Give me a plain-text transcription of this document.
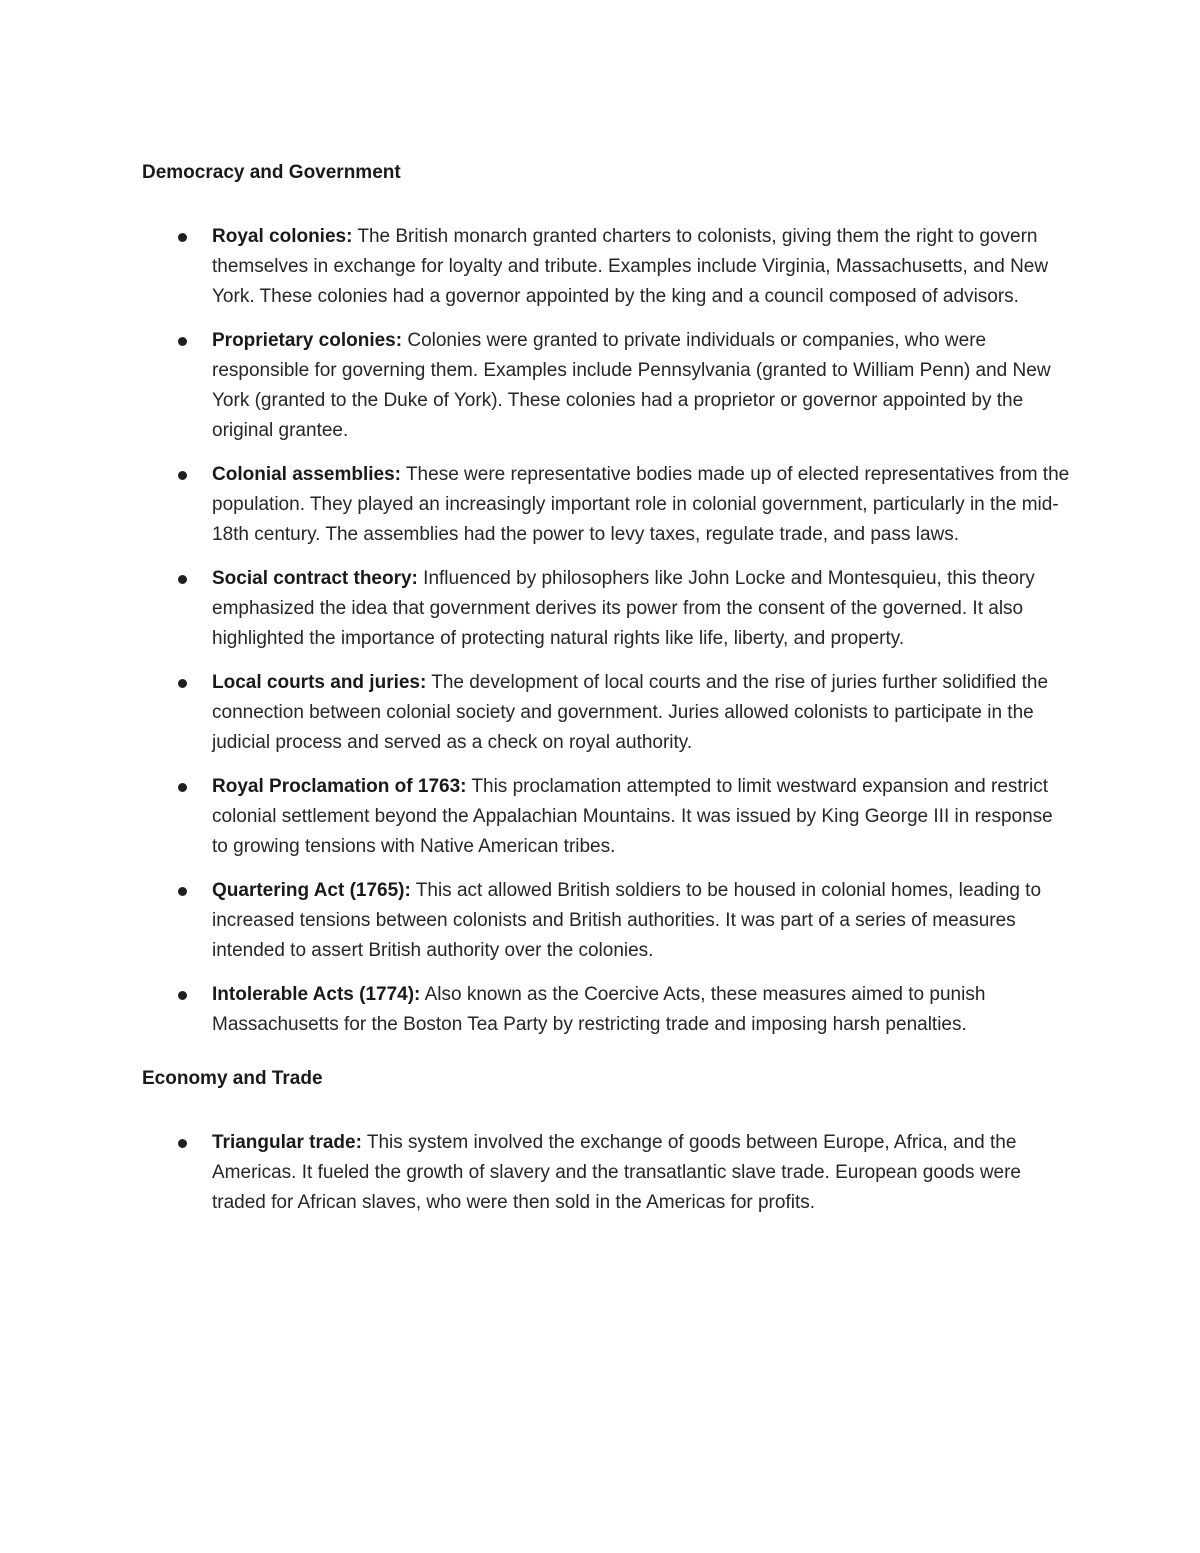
Democracy and Government
Royal colonies: The British monarch granted charters to colonists, giving them the right to govern themselves in exchange for loyalty and tribute. Examples include Virginia, Massachusetts, and New York. These colonies had a governor appointed by the king and a council composed of advisors.
Proprietary colonies: Colonies were granted to private individuals or companies, who were responsible for governing them. Examples include Pennsylvania (granted to William Penn) and New York (granted to the Duke of York). These colonies had a proprietor or governor appointed by the original grantee.
Colonial assemblies: These were representative bodies made up of elected representatives from the population. They played an increasingly important role in colonial government, particularly in the mid-18th century. The assemblies had the power to levy taxes, regulate trade, and pass laws.
Social contract theory: Influenced by philosophers like John Locke and Montesquieu, this theory emphasized the idea that government derives its power from the consent of the governed. It also highlighted the importance of protecting natural rights like life, liberty, and property.
Local courts and juries: The development of local courts and the rise of juries further solidified the connection between colonial society and government. Juries allowed colonists to participate in the judicial process and served as a check on royal authority.
Royal Proclamation of 1763: This proclamation attempted to limit westward expansion and restrict colonial settlement beyond the Appalachian Mountains. It was issued by King George III in response to growing tensions with Native American tribes.
Quartering Act (1765): This act allowed British soldiers to be housed in colonial homes, leading to increased tensions between colonists and British authorities. It was part of a series of measures intended to assert British authority over the colonies.
Intolerable Acts (1774): Also known as the Coercive Acts, these measures aimed to punish Massachusetts for the Boston Tea Party by restricting trade and imposing harsh penalties.
Economy and Trade
Triangular trade: This system involved the exchange of goods between Europe, Africa, and the Americas. It fueled the growth of slavery and the transatlantic slave trade. European goods were traded for African slaves, who were then sold in the Americas for profits.
